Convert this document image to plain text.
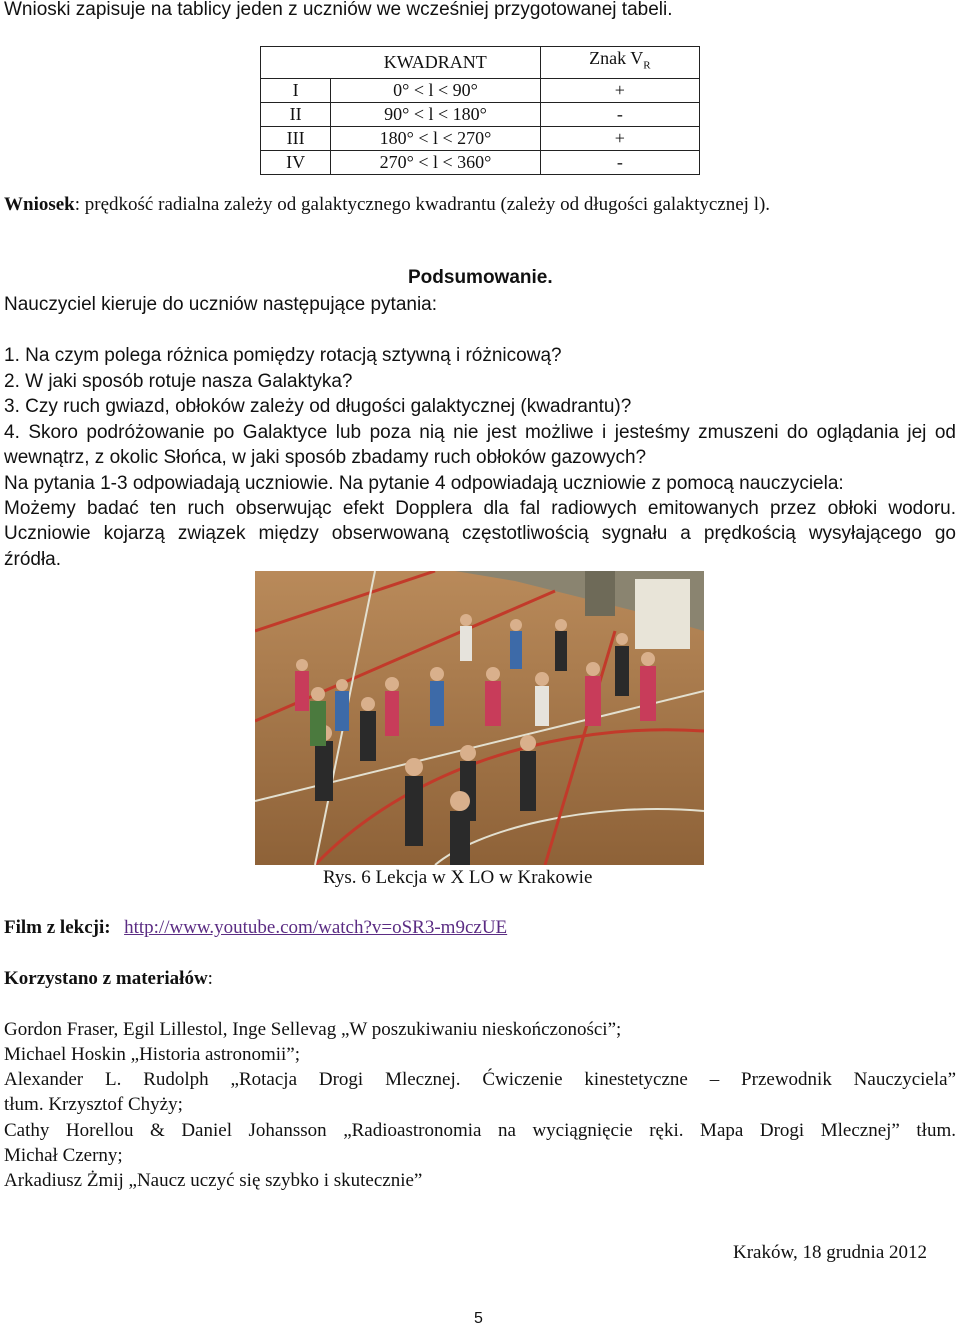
Wnioski zapisuje na tablicy jeden z uczniów we wcześniej przygotowanej tabeli.
	KWADRANT	Znak $V_R$
I	0° < l < 90°	+
II	90° < l < 180°	-
III	180° < l < 270°	+
IV	270° < l < 360°	-
Wniosek: prędkość radialna zależy od galaktycznego kwadrantu (zależy od długości galaktycznej l).
Podsumowanie.
Nauczyciel kieruje do uczniów następujące pytania:
1. Na czym polega różnica pomiędzy rotacją sztywną i różnicową?
2. W jaki sposób rotuje nasza Galaktyka?
3. Czy ruch gwiazd, obłoków zależy od długości galaktycznej (kwadrantu)?
4. Skoro podróżowanie po Galaktyce lub poza nią nie jest możliwe i jesteśmy zmuszeni do oglądania jej od
wewnątrz, z okolic Słońca, w jaki sposób zbadamy ruch obłoków gazowych?
Na pytania 1-3 odpowiadają uczniowie. Na pytanie 4 odpowiadają uczniowie z pomocą nauczyciela:
Możemy badać ten ruch obserwując efekt Dopplera dla fal radiowych emitowanych przez obłoki wodoru.
Uczniowie kojarzą związek między obserwowaną częstotliwością sygnału a prędkością wysyłającego go
źródła.
Rys. 6 Lekcja w X LO w Krakowie
Film z lekcji: http://www.youtube.com/watch?v=oSR3-m9czUE
Korzystano z materiałów:
Gordon Fraser, Egil Lillestol, Inge Sellevag „W poszukiwaniu nieskończoności”;
Michael Hoskin „Historia astronomii”;
Alexander L. Rudolph „Rotacja Drogi Mlecznej. Ćwiczenie kinestetyczne – Przewodnik Nauczyciela”
tłum. Krzysztof Chyży;
Cathy Horellou & Daniel Johansson „Radioastronomia na wyciągnięcie ręki. Mapa Drogi Mlecznej” tłum.
Michał Czerny;
Arkadiusz Żmij „Naucz uczyć się szybko i skutecznie”
Kraków, 18 grudnia 2012
5
